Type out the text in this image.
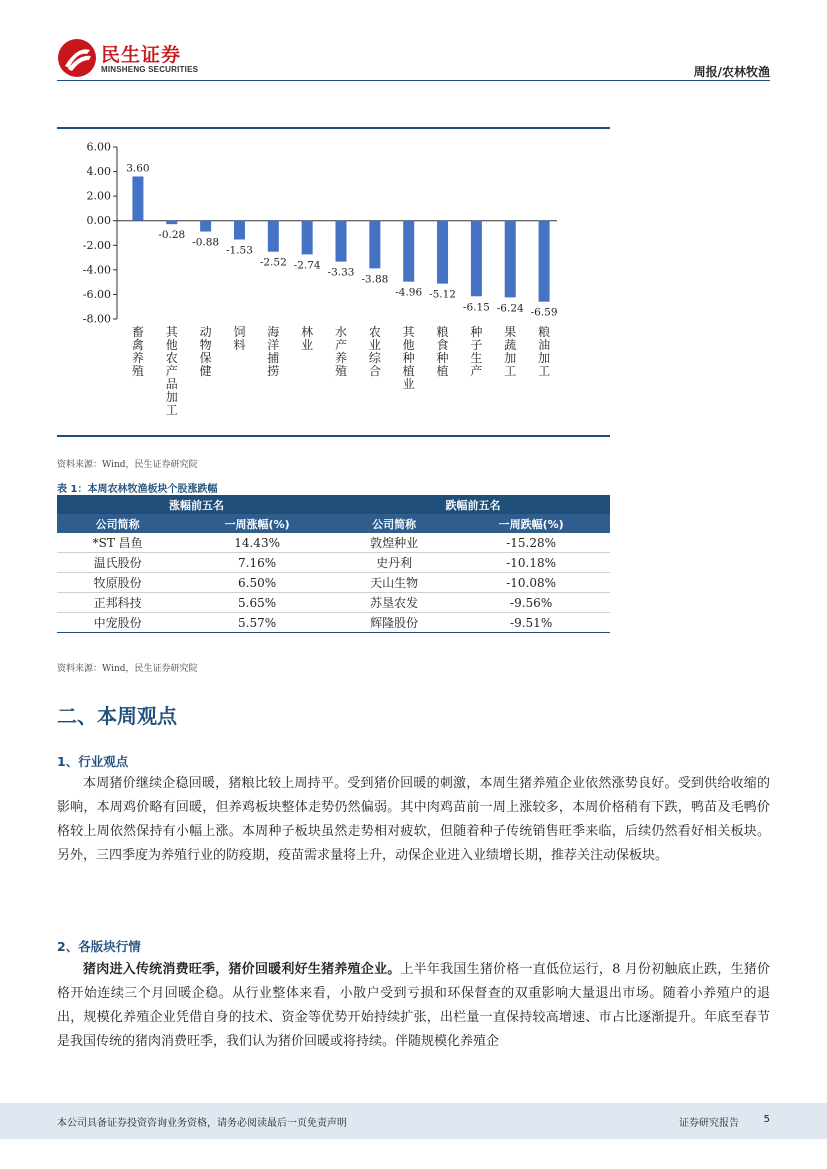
民生证券
MINSHENG SECURITIES	周报/农林牧渔
6.00
4.00
2.00
0.00
-2.00
-4.00
-6.00
-8.00
3.60
畜
禽
养
殖
-0.28
其
他
农
产
品
加
工
-0.88
动
物
保
健
-1.53
饲
料
-2.52
海
洋
捕
捞
-2.74
林
业
-3.33
水
产
养
殖
-3.88
农
业
综
合
-4.96
其
他
种
植
业
-5.12
粮
食
种
植
-6.15
种
子
生
产
-6.24
果
蔬
加
工
-6.59
粮
油
加
工
资料来源：Wind，民生证券研究院
表 1：本周农林牧渔板块个股涨跌幅
涨幅前五名		跌幅前五名	
公司简称	一周涨幅(%)	公司简称	一周跌幅(%)
*ST 昌鱼	14.43%	敦煌种业	-15.28%
温氏股份	7.16%	史丹利	-10.18%
牧原股份	6.50%	天山生物	-10.08%
正邦科技	5.65%	苏垦农发	-9.56%
中宠股份	5.57%	辉隆股份	-9.51%
资料来源：Wind，民生证券研究院
二、本周观点
1、行业观点

本周猪价继续企稳回暖，猪粮比较上周持平。受到猪价回暖的刺激，本周生猪养殖企业依然涨势良好。受到供给收缩的影响，本周鸡价略有回暖，但养鸡板块整体走势仍然偏弱。其中肉鸡苗前一周上涨较多，本周价格稍有下跌，鸭苗及毛鸭价格较上周依然保持有小幅上涨。本周种子板块虽然走势相对疲软，但随着种子传统销售旺季来临，后续仍然看好相关板块。另外，三四季度为养殖行业的防疫期，疫苗需求量将上升，动保企业进入业绩增长期，推荐关注动保板块。

2、各版块行情

猪肉进入传统消费旺季，猪价回暖利好生猪养殖企业。上半年我国生猪价格一直低位运行，8 月份初触底止跌，生猪价格开始连续三个月回暖企稳。从行业整体来看，小散户受到亏损和环保督查的双重影响大量退出市场。随着小养殖户的退出，规模化养殖企业凭借自身的技术、资金等优势开始持续扩张，出栏量一直保持较高增速、市占比逐渐提升。年底至春节是我国传统的猪肉消费旺季，我们认为猪价回暖或将持续。伴随规模化养殖企

本公司具备证券投资咨询业务资格，请务必阅读最后一页免责声明	证券研究报告 5
